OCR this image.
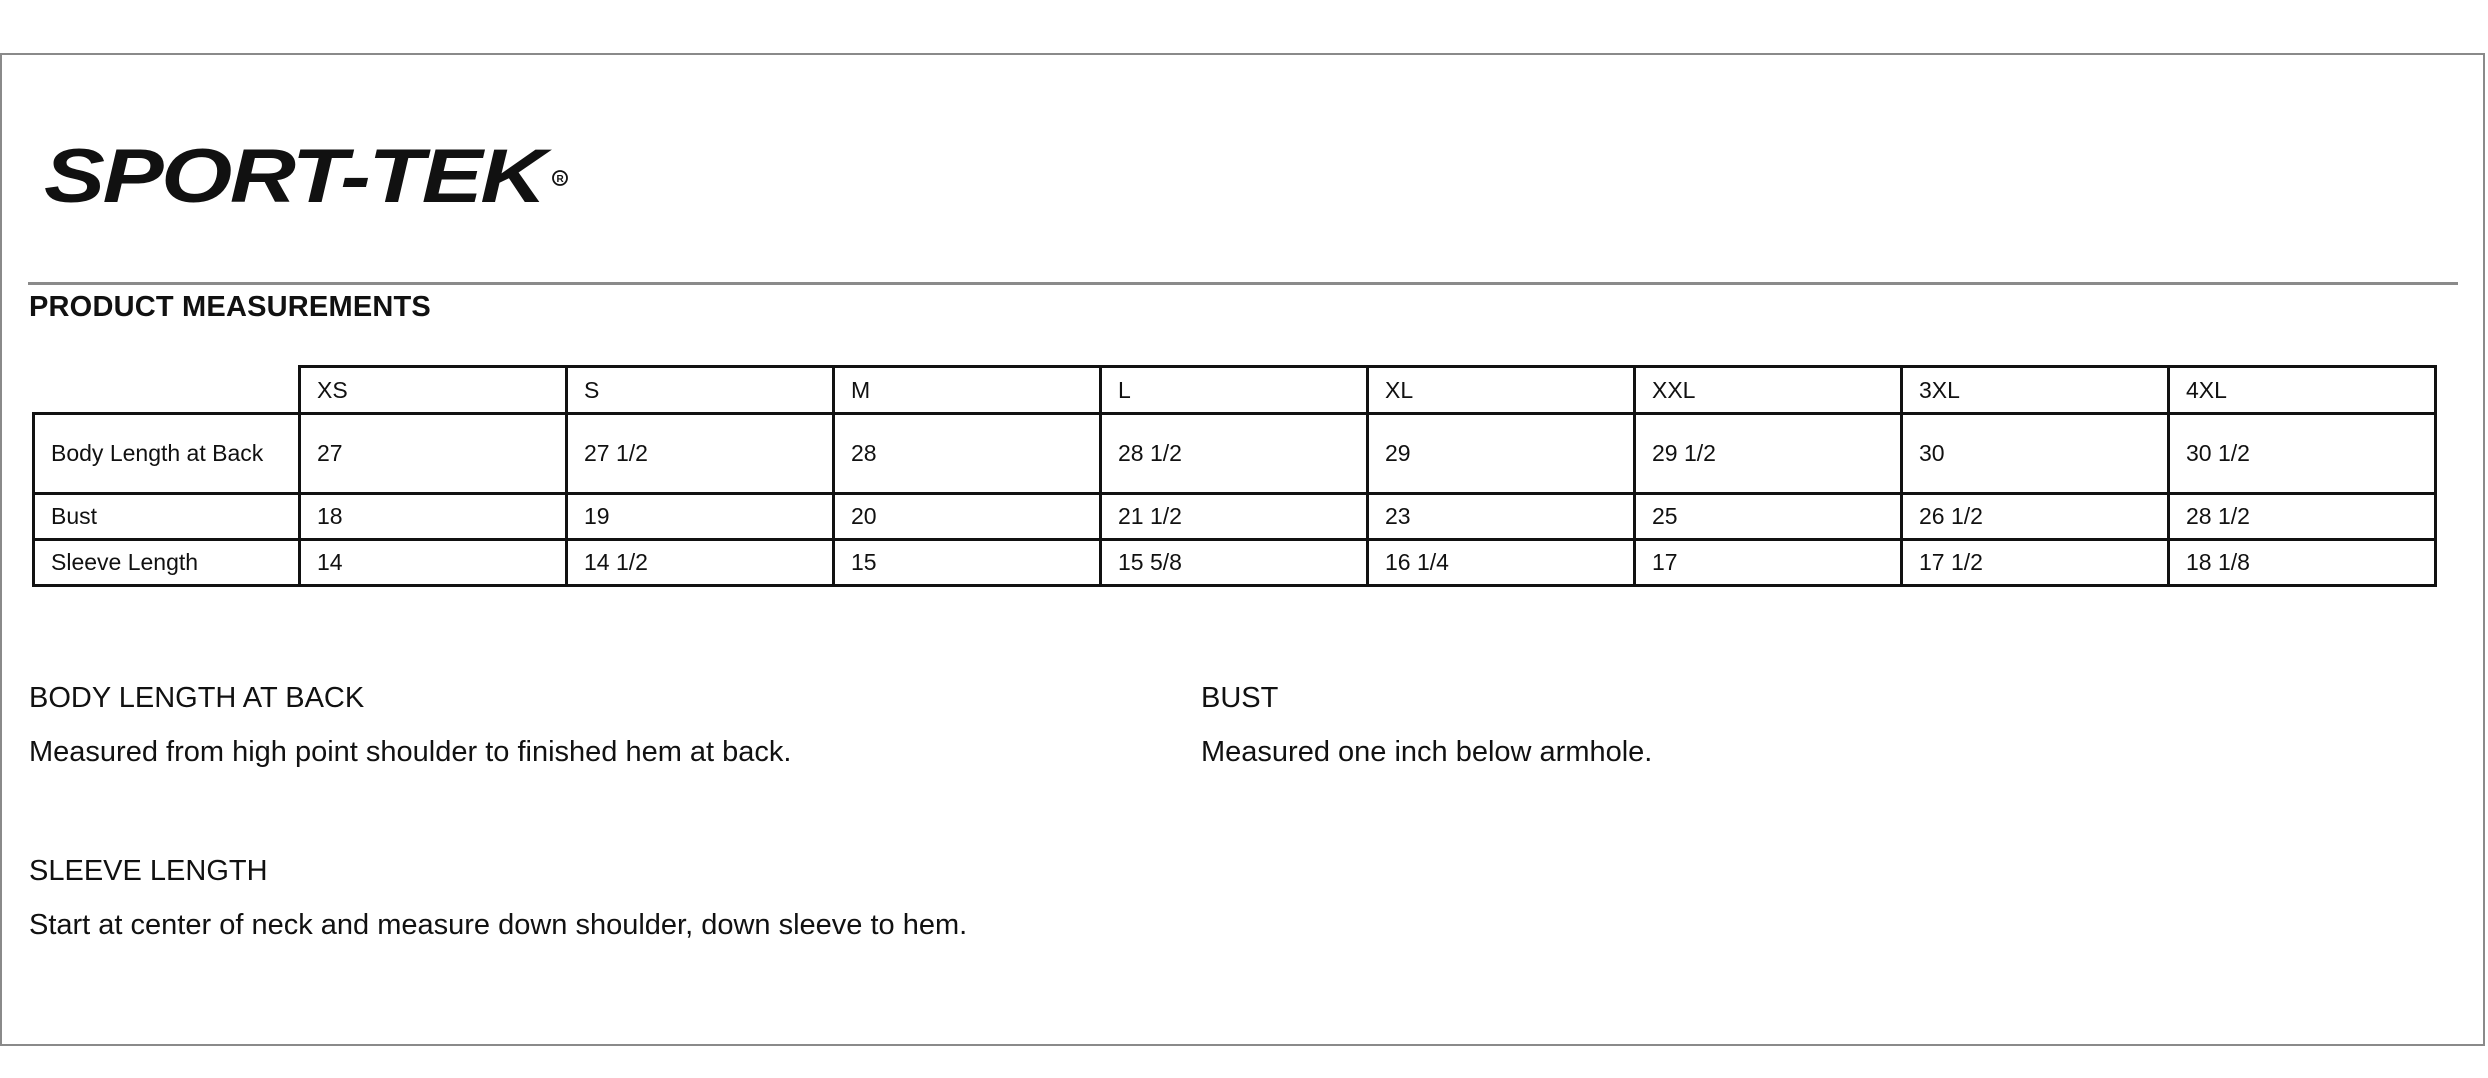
SPORT-TEK R
PRODUCT MEASUREMENTS
	XS	S	M	L	XL	XXL	3XL	4XL
Body Length at Back	27	27 1/2	28	28 1/2	29	29 1/2	30	30 1/2
Bust	18	19	20	21 1/2	23	25	26 1/2	28 1/2
Sleeve Length	14	14 1/2	15	15 5/8	16 1/4	17	17 1/2	18 1/8
BODY LENGTH AT BACK
Measured from high point shoulder to finished hem at back.
BUST
Measured one inch below armhole.
SLEEVE LENGTH
Start at center of neck and measure down shoulder, down sleeve to hem.
